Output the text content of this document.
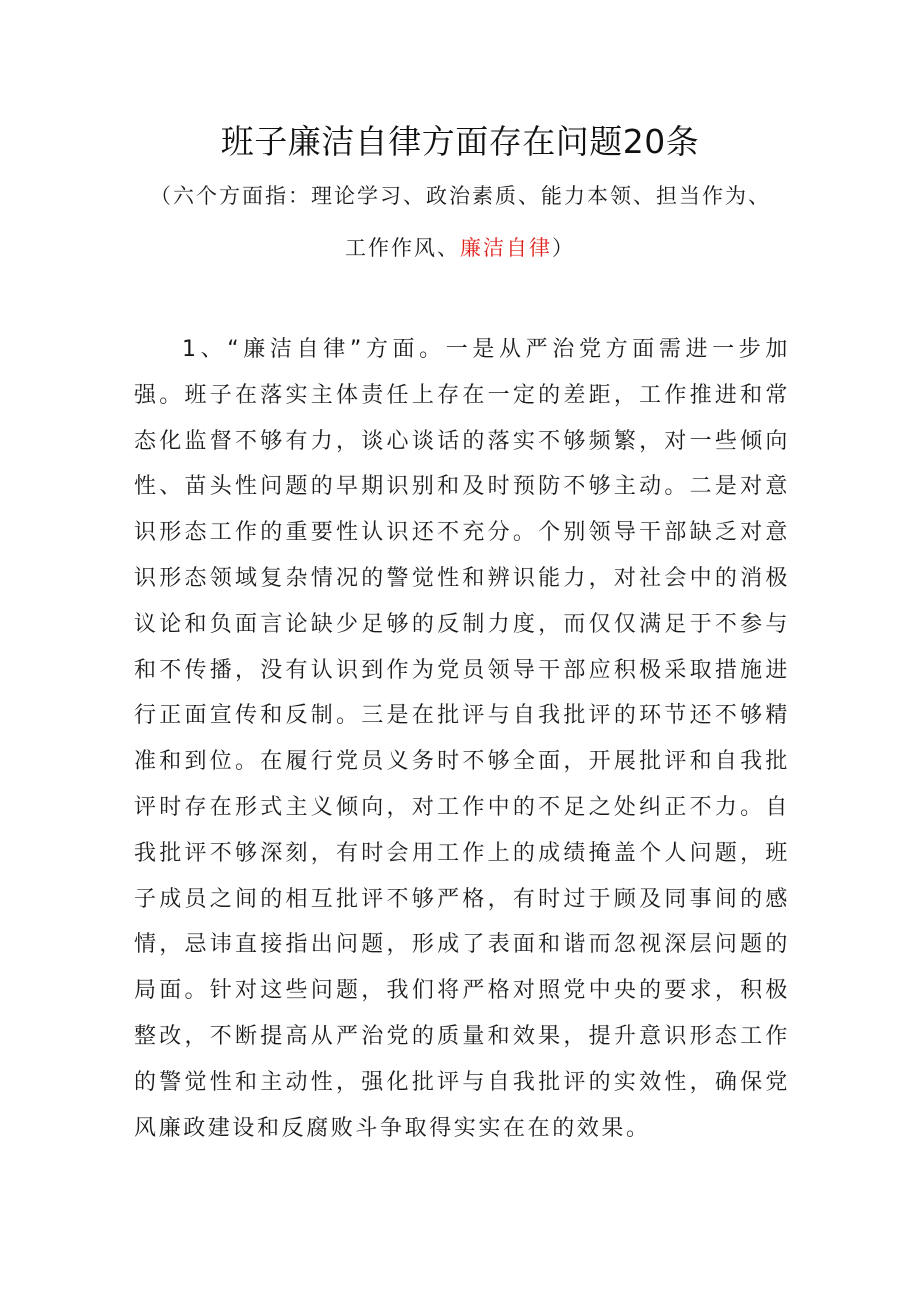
班子廉洁自律方面存在问题20条
（六个方面指：理论学习、政治素质、能力本领、担当作为、
工作作风、廉洁自律）

1、“廉洁自律”方面。一是从严治党方面需进一步加强。班子在落实主体责任上存在一定的差距，工作推进和常态化监督不够有力，谈心谈话的落实不够频繁，对一些倾向性、苗头性问题的早期识别和及时预防不够主动。二是对意识形态工作的重要性认识还不充分。个别领导干部缺乏对意识形态领域复杂情况的警觉性和辨识能力，对社会中的消极议论和负面言论缺少足够的反制力度，而仅仅满足于不参与和不传播，没有认识到作为党员领导干部应积极采取措施进行正面宣传和反制。三是在批评与自我批评的环节还不够精准和到位。在履行党员义务时不够全面，开展批评和自我批评时存在形式主义倾向，对工作中的不足之处纠正不力。自我批评不够深刻，有时会用工作上的成绩掩盖个人问题，班子成员之间的相互批评不够严格，有时过于顾及同事间的感情，忌讳直接指出问题，形成了表面和谐而忽视深层问题的局面。针对这些问题，我们将严格对照党中央的要求，积极整改，不断提高从严治党的质量和效果，提升意识形态工作的警觉性和主动性，强化批评与自我批评的实效性，确保党风廉政建设和反腐败斗争取得实实在在的效果。
